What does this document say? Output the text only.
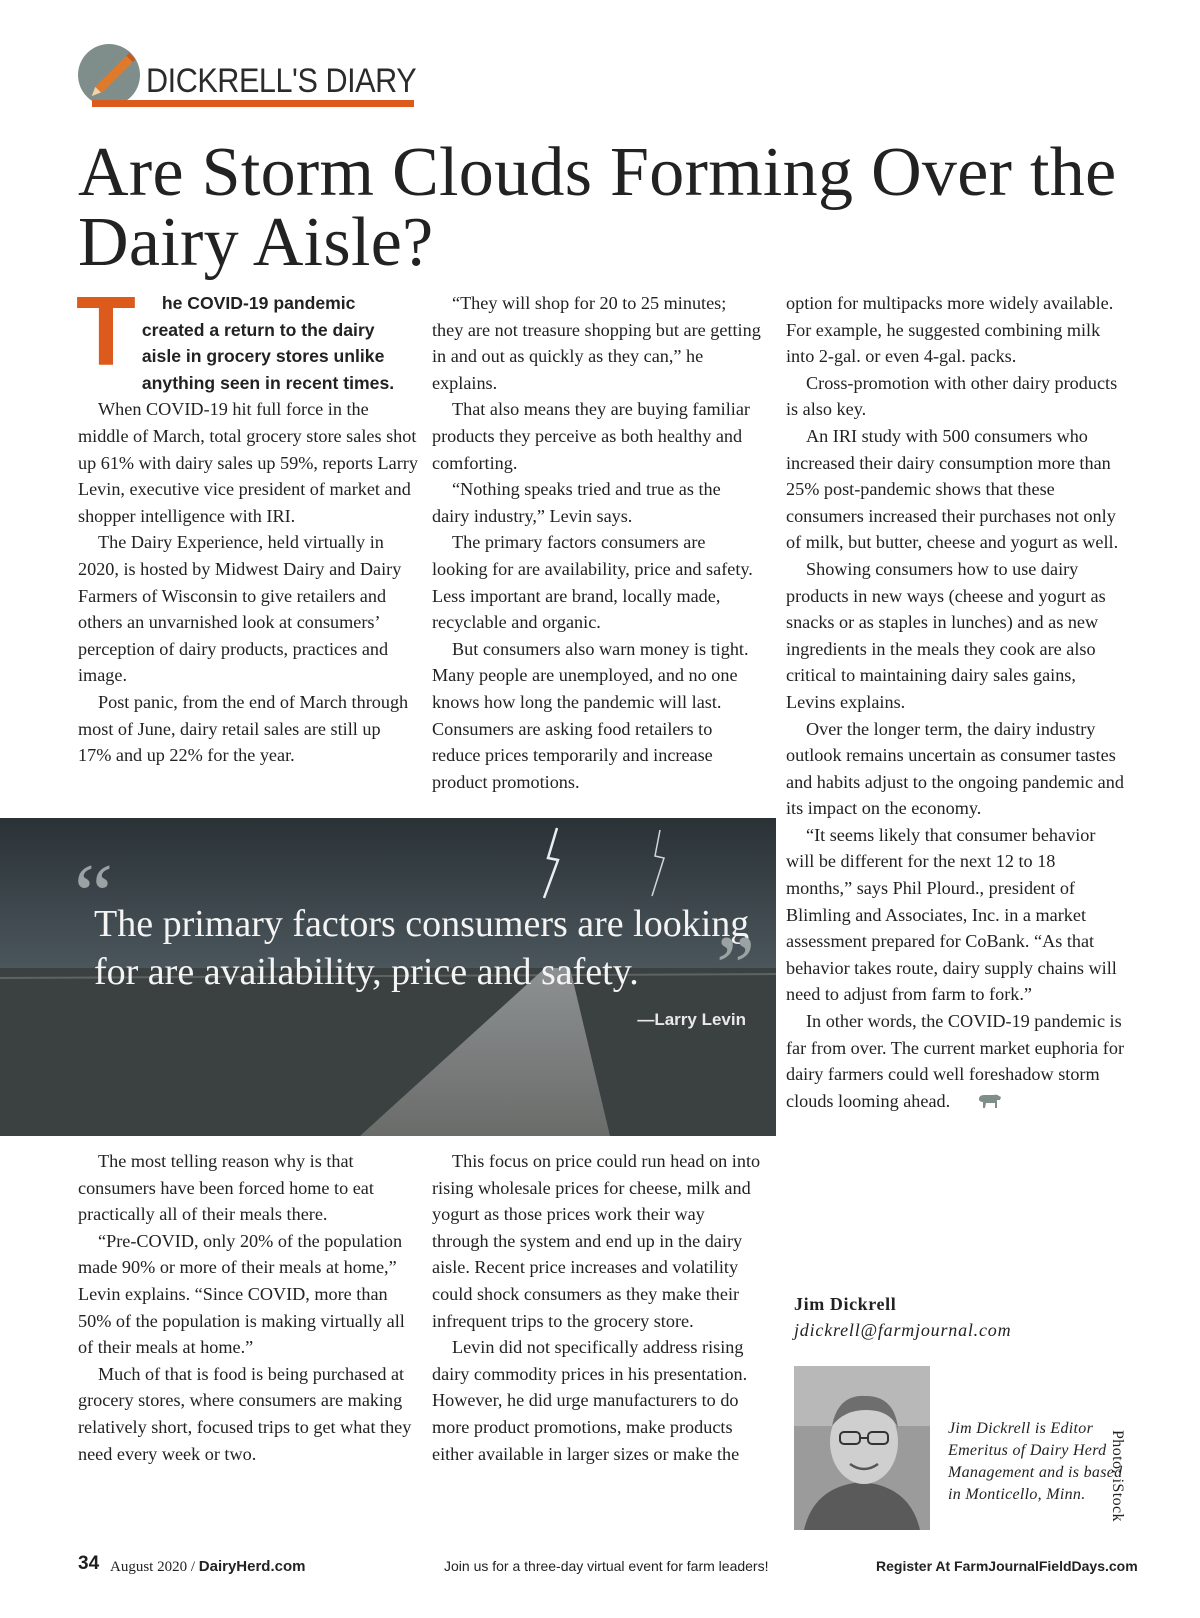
DICKRELL'S DIARY
Are Storm Clouds Forming Over the Dairy Aisle?
T	he COVID-19 pandemic created a return to the dairy aisle in grocery stores unlike anything seen in recent times.

When COVID-19 hit full force in the middle of March, total grocery store sales shot up 61% with dairy sales up 59%, reports Larry Levin, executive vice president of market and shopper intelligence with IRI.

The Dairy Experience, held virtually in 2020, is hosted by Midwest Dairy and Dairy Farmers of Wisconsin to give retailers and others an unvarnished look at consumers’ perception of dairy products, practices and image.

Post panic, from the end of March through most of June, dairy retail sales are still up 17% and up 22% for the year.

“They will shop for 20 to 25 minutes; they are not treasure shopping but are getting in and out as quickly as they can,” he explains.

That also means they are buying familiar products they perceive as both healthy and comforting.

“Nothing speaks tried and true as the dairy industry,” Levin says.

The primary factors consumers are looking for are availability, price and safety. Less important are brand, locally made, recyclable and organic.

But consumers also warn money is tight. Many people are unemployed, and no one knows how long the pandemic will last. Consumers are asking food retailers to reduce prices temporarily and increase product promotions.

option for multipacks more widely available. For example, he suggested combining milk into 2-gal. or even 4-gal. packs.

Cross-promotion with other dairy products is also key.

An IRI study with 500 consumers who increased their dairy consumption more than 25% post-pandemic shows that these consumers increased their purchases not only of milk, but butter, cheese and yogurt as well.

Showing consumers how to use dairy products in new ways (cheese and yogurt as snacks or as staples in lunches) and as new ingredients in the meals they cook are also critical to maintaining dairy sales gains, Levins explains.

Over the longer term, the dairy industry outlook remains uncertain as consumer tastes and habits adjust to the ongoing pandemic and its impact on the economy.

“It seems likely that consumer behavior will be different for the next 12 to 18 months,” says Phil Plourd., president of Blimling and Associates, Inc. in a market assessment prepared for CoBank. “As that behavior takes route, dairy supply chains will need to adjust from farm to fork.”

In other words, the COVID-19 pandemic is far from over. The current market euphoria for dairy farmers could well foreshadow storm clouds looming ahead.

“

The primary factors consumers are looking for are availability, price and safety. ”
—Larry Levin

The most telling reason why is that consumers have been forced home to eat practically all of their meals there.

“Pre-COVID, only 20% of the population made 90% or more of their meals at home,” Levin explains. “Since COVID, more than 50% of the population is making virtually all of their meals at home.”

Much of that is food is being purchased at grocery stores, where consumers are making relatively short, focused trips to get what they need every week or two.

This focus on price could run head on into rising wholesale prices for cheese, milk and yogurt as those prices work their way through the system and end up in the dairy aisle. Recent price increases and volatility could shock consumers as they make their infrequent trips to the grocery store.

Levin did not specifically address rising dairy commodity prices in his presentation. However, he did urge manufacturers to do more product promotions, make products either available in larger sizes or make the

Jim Dickrell
jdickrell@farmjournal.com

Jim Dickrell is Editor Emeritus of Dairy Herd Management and is based in Monticello, Minn.	Photo: iStock
34 August 2020 / DairyHerd.com	Join us for a three-day virtual event for farm leaders!	Register At FarmJournalFieldDays.com
